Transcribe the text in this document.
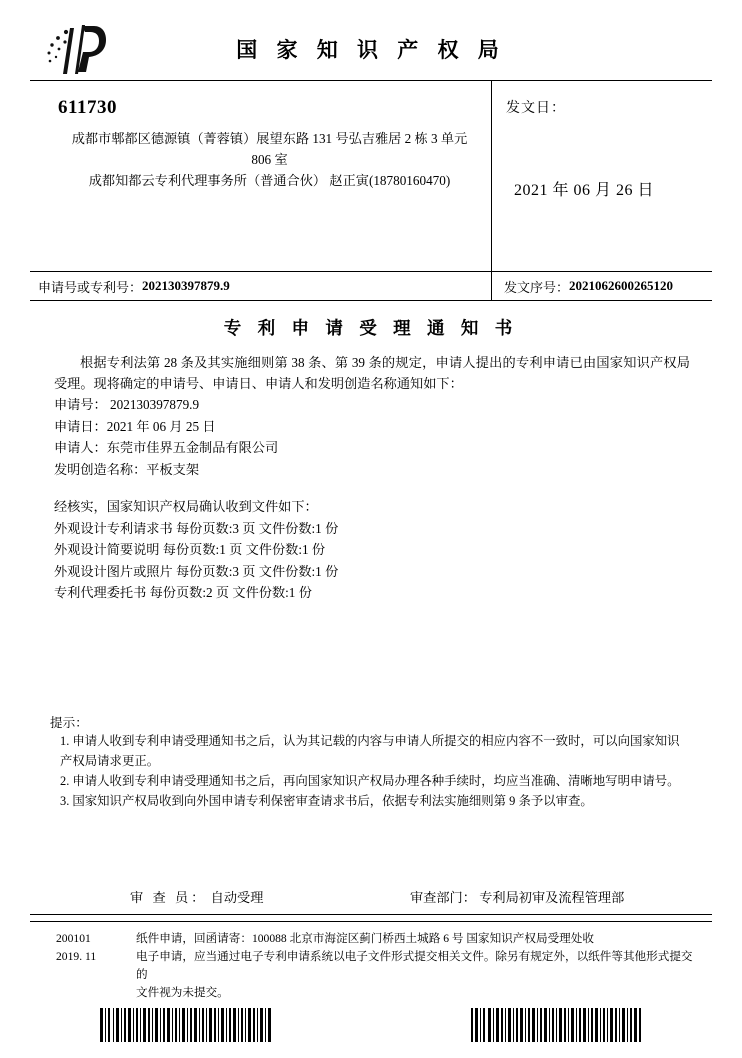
国 家 知 识 产 权 局
611730
成都市郫都区德源镇（菁蓉镇）展望东路 131 号弘吉雅居 2 栋 3 单元
806 室
成都知都云专利代理事务所（普通合伙） 赵正寅(18780160470)
发文日：
2021 年 06 月 26 日
申请号或专利号： 202130397879.9	发文序号： 2021062600265120
专 利 申 请 受 理 通 知 书
根据专利法第 28 条及其实施细则第 38 条、第 39 条的规定，申请人提出的专利申请已由国家知识产权局受理。现将确定的申请号、申请日、申请人和发明创造名称通知如下：
申请号： 202130397879.9
申请日：2021 年 06 月 25 日
申请人：东莞市佳界五金制品有限公司
发明创造名称：平板支架
经核实，国家知识产权局确认收到文件如下：
外观设计专利请求书 每份页数:3 页 文件份数:1 份
外观设计简要说明 每份页数:1 页 文件份数:1 份
外观设计图片或照片 每份页数:3 页 文件份数:1 份
专利代理委托书 每份页数:2 页 文件份数:1 份
提示：
1. 申请人收到专利申请受理通知书之后，认为其记载的内容与申请人所提交的相应内容不一致时，可以向国家知识产权局请求更正。
2. 申请人收到专利申请受理通知书之后，再向国家知识产权局办理各种手续时，均应当准确、清晰地写明申请号。
3. 国家知识产权局收到向外国申请专利保密审查请求书后，依据专利法实施细则第 9 条予以审查。
审 查 员： 自动受理	审查部门： 专利局初审及流程管理部
200101
2019. 11
纸件申请，回函请寄：100088 北京市海淀区蓟门桥西土城路 6 号 国家知识产权局受理处收
电子申请，应当通过电子专利申请系统以电子文件形式提交相关文件。除另有规定外，以纸件等其他形式提交的
文件视为未提交。
